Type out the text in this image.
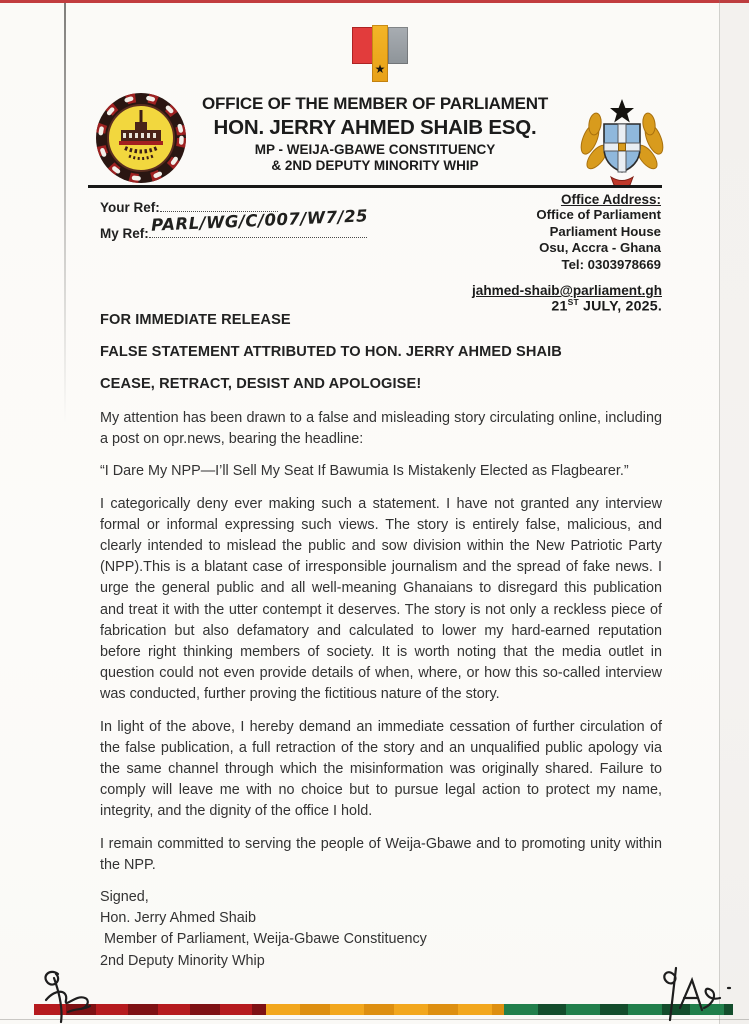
★
OFFICE OF THE MEMBER OF PARLIAMENT
HON. JERRY AHMED SHAIB ESQ.
MP - WEIJA-GBAWE CONSTITUENCY
& 2ND DEPUTY MINORITY WHIP
Your Ref:
My Ref: PARL/WG/C/007/W7/25
Office Address:
Office of Parliament
Parliament House
Osu, Accra - Ghana
Tel: 0303978669
jahmed-shaib@parliament.gh
21ST JULY, 2025.
FOR IMMEDIATE RELEASE
FALSE STATEMENT ATTRIBUTED TO HON. JERRY AHMED SHAIB
CEASE, RETRACT, DESIST AND APOLOGISE!

My attention has been drawn to a false and misleading story circulating online, including a post on opr.news, bearing the headline:

“I Dare My NPP—I’ll Sell My Seat If Bawumia Is Mistakenly Elected as Flagbearer.”

I categorically deny ever making such a statement. I have not granted any interview formal or informal expressing such views. The story is entirely false, malicious, and clearly intended to mislead the public and sow division within the New Patriotic Party (NPP).This is a blatant case of irresponsible journalism and the spread of fake news. I urge the general public and all well-meaning Ghanaians to disregard this publication and treat it with the utter contempt it deserves. The story is not only a reckless piece of fabrication but also defamatory and calculated to lower my hard-earned reputation before right thinking members of society. It is worth noting that the media outlet in question could not even provide details of when, where, or how this so-called interview was conducted, further proving the fictitious nature of the story.

In light of the above, I hereby demand an immediate cessation of further circulation of the false publication, a full retraction of the story and an unqualified public apology via the same channel through which the misinformation was originally shared. Failure to comply will leave me with no choice but to pursue legal action to protect my name, integrity, and the dignity of the office I hold.

I remain committed to serving the people of Weija-Gbawe and to promoting unity within the NPP.

Signed,
Hon. Jerry Ahmed Shaib
Member of Parliament, Weija-Gbawe Constituency
2nd Deputy Minority Whip
